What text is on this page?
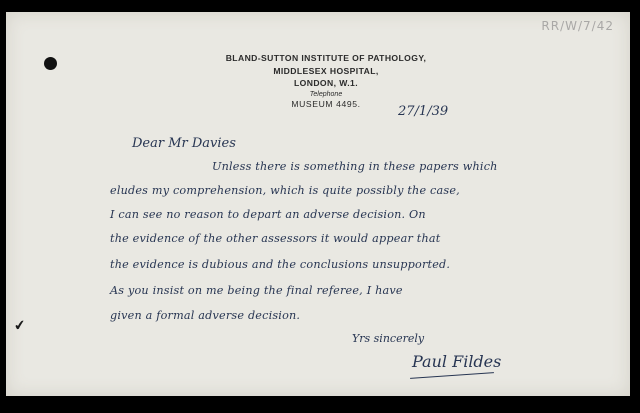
RR/W/7/42
BLAND-SUTTON INSTITUTE OF PATHOLOGY,
MIDDLESEX HOSPITAL,
LONDON, W.1.
Telephone
MUSEUM 4495.
27/1/39
Dear Mr Davies
Unless there is something in these papers which
eludes my comprehension, which is quite possibly the case,
I can see no reason to depart an adverse decision. On
the evidence of the other assessors it would appear that
the evidence is dubious and the conclusions unsupported.
As you insist on me being the final referee, I have
given a formal adverse decision.
Yrs sincerely
Paul Fildes
✔
